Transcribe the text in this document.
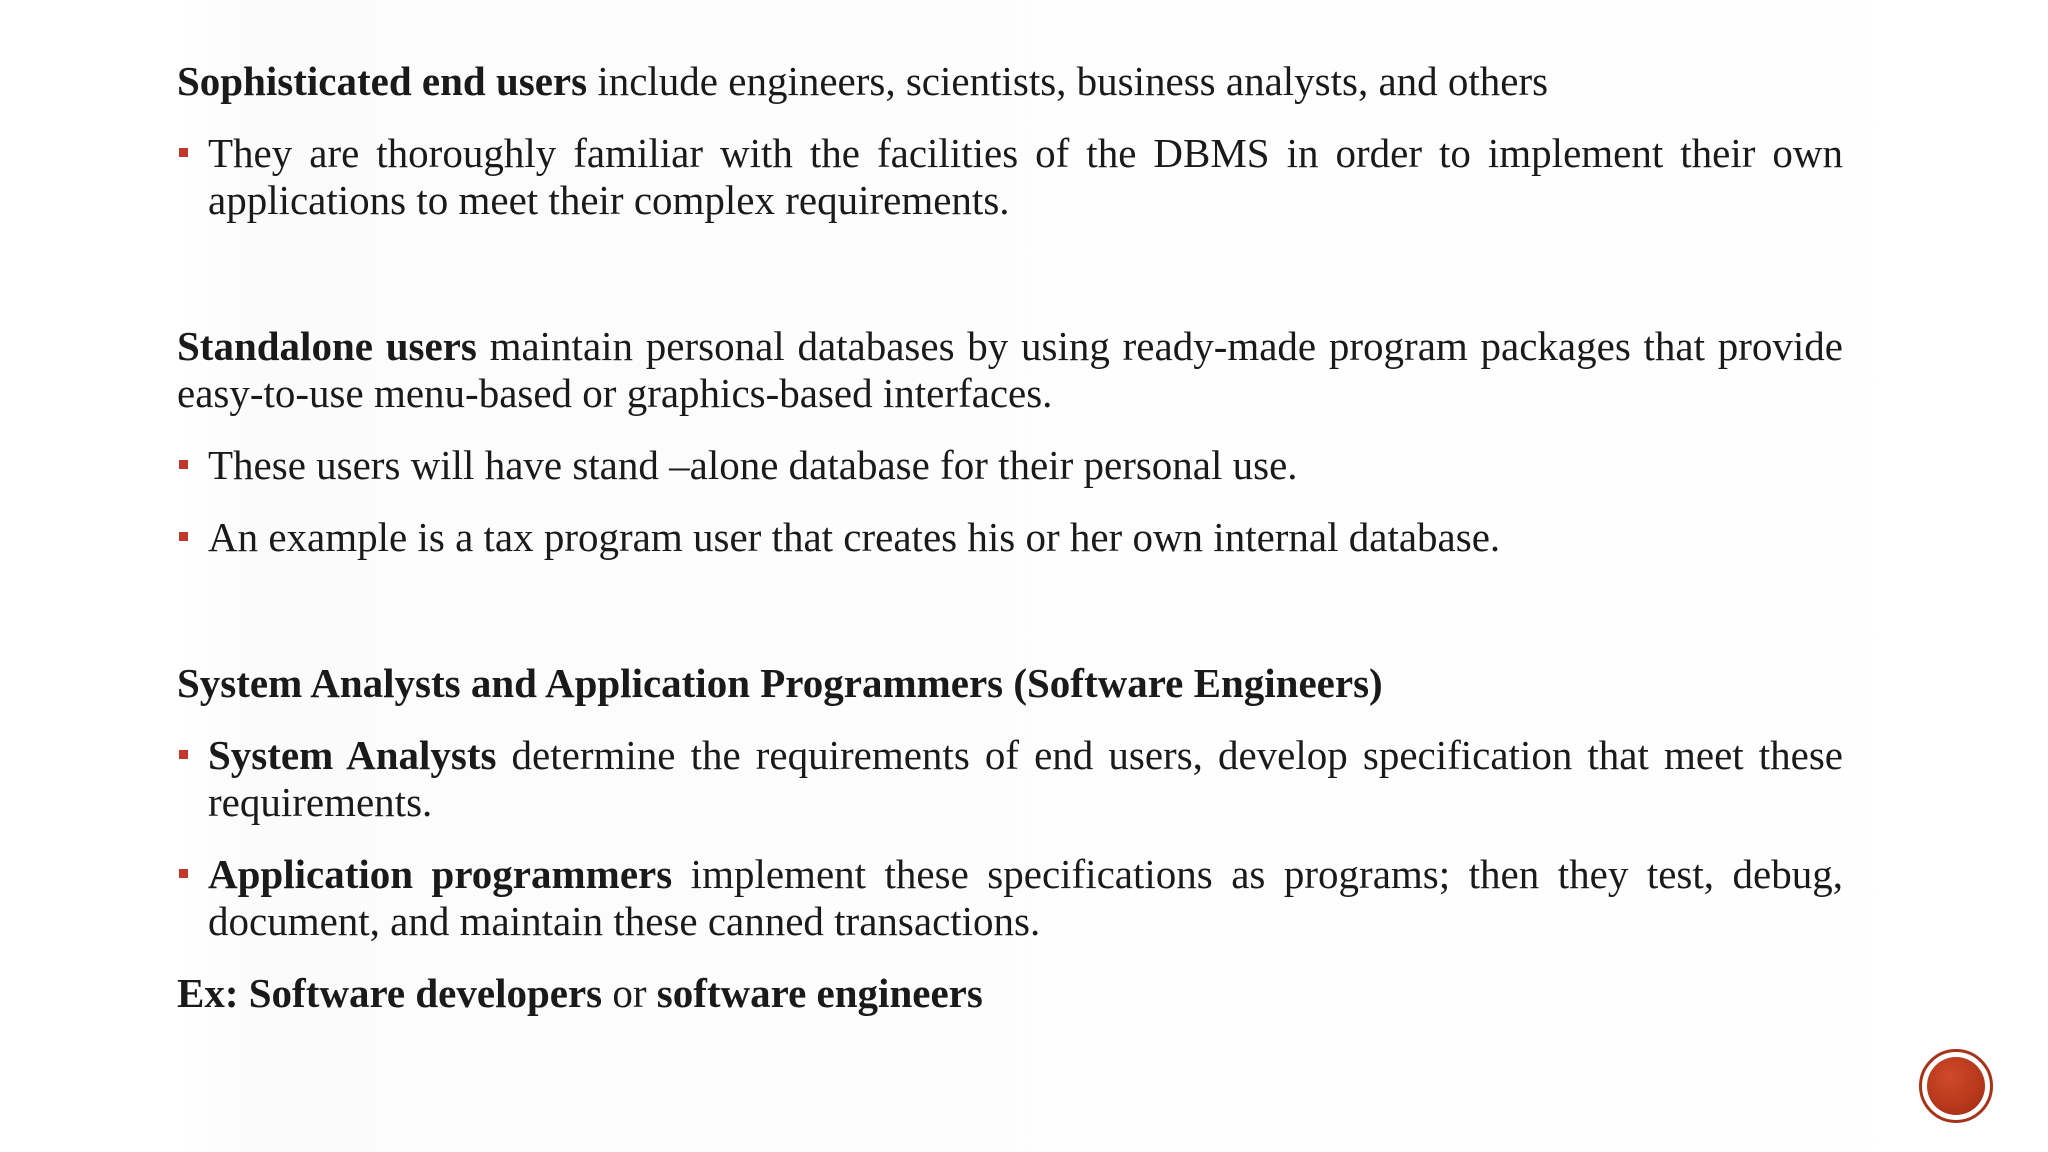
Sophisticated end users include engineers, scientists, business analysts, and others

They are thoroughly familiar with the facilities of the DBMS in order to implement their own applications to meet their complex requirements.

Standalone users maintain personal databases by using ready-made program packages that provide easy-to-use menu-based or graphics-based interfaces.

These users will have stand –alone database for their personal use.

An example is a tax program user that creates his or her own internal database.

System Analysts and Application Programmers (Software Engineers)

System Analysts determine the requirements of end users, develop specification that meet these requirements.

Application programmers implement these specifications as programs; then they test, debug, document, and maintain these canned transactions.

Ex: Software developers or software engineers
